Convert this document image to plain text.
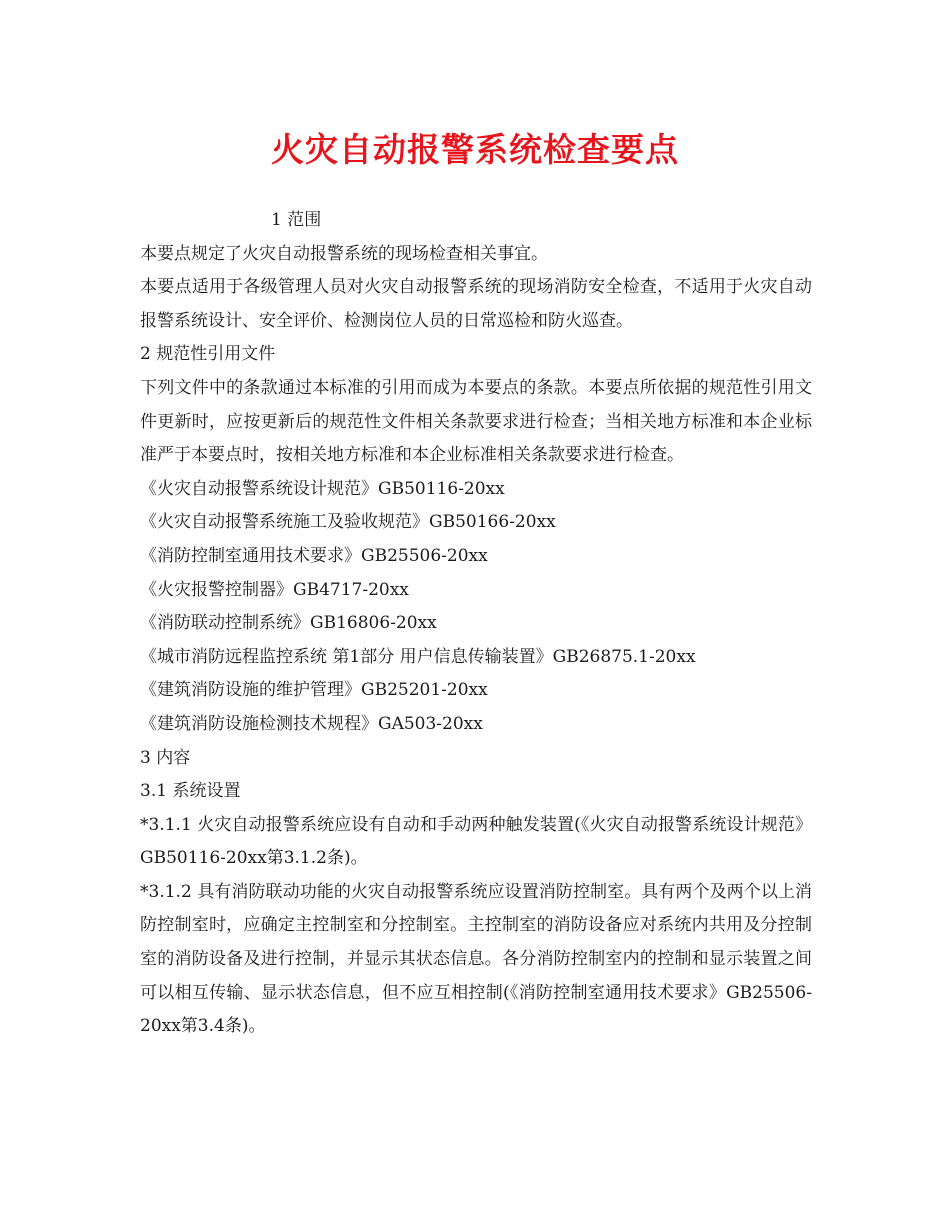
火灾自动报警系统检查要点
1 范围
本要点规定了火灾自动报警系统的现场检查相关事宜。
本要点适用于各级管理人员对火灾自动报警系统的现场消防安全检查，不适用于火灾自动报警系统设计、安全评价、检测岗位人员的日常巡检和防火巡查。
2 规范性引用文件
下列文件中的条款通过本标准的引用而成为本要点的条款。本要点所依据的规范性引用文件更新时，应按更新后的规范性文件相关条款要求进行检查；当相关地方标准和本企业标准严于本要点时，按相关地方标准和本企业标准相关条款要求进行检查。
《火灾自动报警系统设计规范》GB50116-20xx
《火灾自动报警系统施工及验收规范》GB50166-20xx
《消防控制室通用技术要求》GB25506-20xx
《火灾报警控制器》GB4717-20xx
《消防联动控制系统》GB16806-20xx
《城市消防远程监控系统 第1部分 用户信息传输装置》GB26875.1-20xx
《建筑消防设施的维护管理》GB25201-20xx
《建筑消防设施检测技术规程》GA503-20xx
3 内容
3.1 系统设置
*3.1.1 火灾自动报警系统应设有自动和手动两种触发装置(《火灾自动报警系统设计规范》GB50116-20xx第3.1.2条)。
*3.1.2 具有消防联动功能的火灾自动报警系统应设置消防控制室。具有两个及两个以上消防控制室时，应确定主控制室和分控制室。主控制室的消防设备应对系统内共用及分控制室的消防设备及进行控制，并显示其状态信息。各分消防控制室内的控制和显示装置之间可以相互传输、显示状态信息，但不应互相控制(《消防控制室通用技术要求》GB25506-20xx第3.4条)。
